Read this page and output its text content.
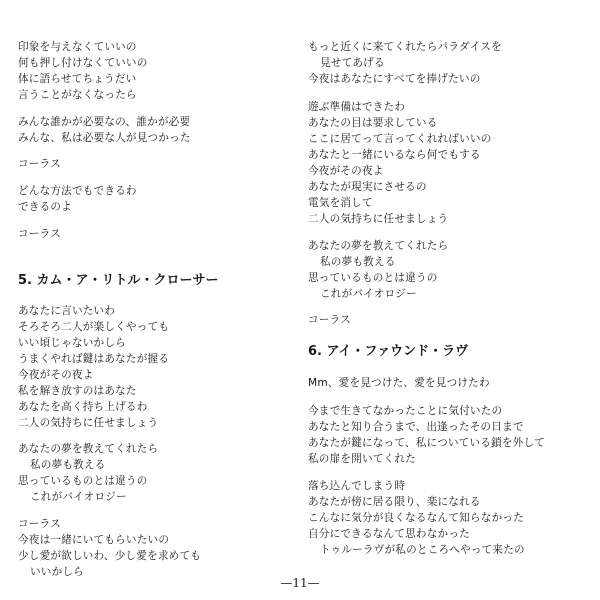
印象を与えなくていいの
何も押し付けなくていいの
体に語らせてちょうだい
言うことがなくなったら
みんな誰かが必要なの、誰かが必要
みんな、私は必要な人が見つかった
コーラス
どんな方法でもできるわ
できるのよ
コーラス
5. カム・ア・リトル・クローサー
あなたに言いたいわ
そろそろ二人が楽しくやっても
いい頃じゃないかしら
うまくやれば鍵はあなたが握る
今夜がその夜よ
私を解き放すのはあなた
あなたを高く持ち上げるわ
二人の気持ちに任せましょう
あなたの夢を教えてくれたら
私の夢も教える
思っているものとは違うの
これがバイオロジー
コーラス
今夜は一緒にいてもらいたいの
少し愛が欲しいわ、少し愛を求めても
いいかしら
もっと近くに来てくれたらパラダイスを
見せてあげる
今夜はあなたにすべてを捧げたいの
遊ぶ準備はできたわ
あなたの目は要求している
ここに居てって言ってくれればいいの
あなたと一緒にいるなら何でもする
今夜がその夜よ
あなたが現実にさせるの
電気を消して
二人の気持ちに任せましょう
あなたの夢を教えてくれたら
私の夢も教える
思っているものとは違うの
これがバイオロジー
コーラス
6. アイ・ファウンド・ラヴ
Mm、愛を見つけた、愛を見つけたわ
今まで生きてなかったことに気付いたの
あなたと知り合うまで、出逢ったその日まで
あなたが鍵になって、私についている鎖を外して
私の扉を開いてくれた
落ち込んでしまう時
あなたが傍に居る限り、楽になれる
こんなに気分が良くなるなんて知らなかった
自分にできるなんて思わなかった
トゥルーラヴが私のところへやって来たの
—11—
